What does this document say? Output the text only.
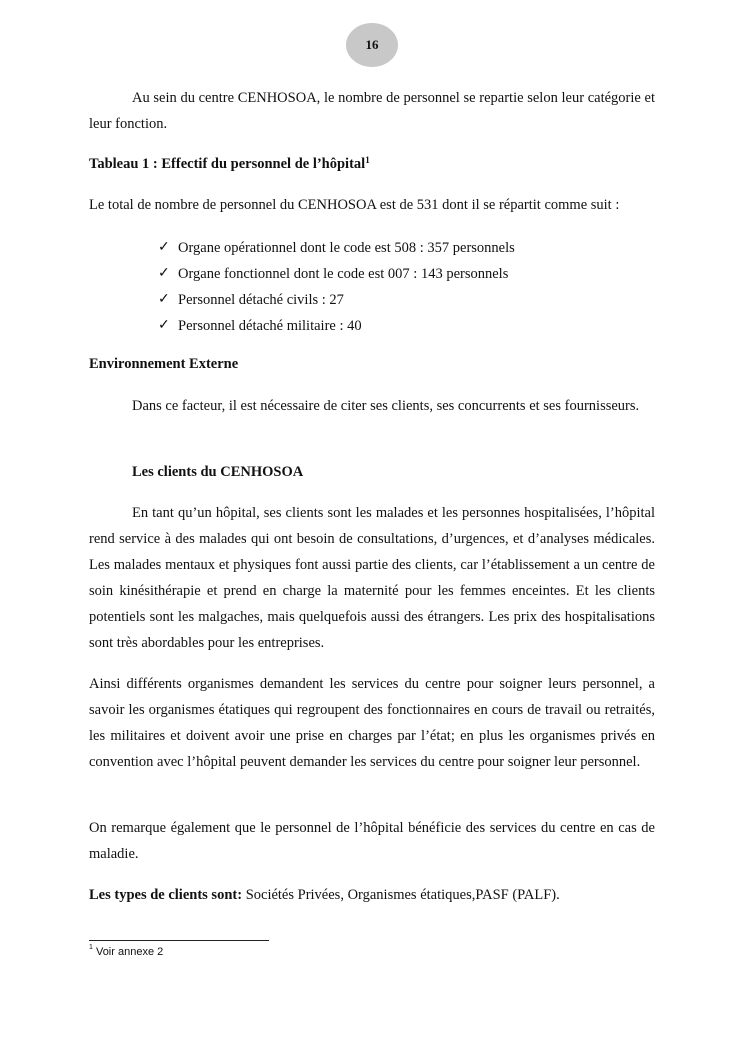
16

Au sein du centre CENHOSOA, le nombre de personnel se repartie selon leur catégorie et leur fonction.

Tableau 1 : Effectif du personnel de l’hôpital$^1$

Le total de nombre de personnel du CENHOSOA est de 531 dont il se répartit comme suit :

✓ Organe opérationnel dont le code est 508 : 357 personnels
✓ Organe fonctionnel dont le code est 007 : 143 personnels
✓ Personnel détaché civils : 27
✓ Personnel détaché militaire : 40

Environnement Externe

Dans ce facteur, il est nécessaire de citer ses clients, ses concurrents et ses fournisseurs.

Les clients du CENHOSOA

En tant qu’un hôpital, ses clients sont les malades et les personnes hospitalisées, l’hôpital rend service à des malades qui ont besoin de consultations, d’urgences, et d’analyses médicales. Les malades mentaux et physiques font aussi partie des clients, car l’établissement a un centre de soin kinésithérapie et prend en charge la maternité pour les femmes enceintes. Et les clients potentiels sont les malgaches, mais quelquefois aussi des étrangers. Les prix des hospitalisations sont très abordables pour les entreprises.

Ainsi différents organismes demandent les services du centre pour soigner leurs personnel, a savoir les organismes étatiques qui regroupent des fonctionnaires en cours de travail ou retraités, les militaires et doivent avoir une prise en charges par l’état; en plus les organismes privés en convention avec l’hôpital peuvent demander les services du centre pour soigner leur personnel.

On remarque également que le personnel de l’hôpital bénéficie des services du centre en cas de maladie.

Les types de clients sont: Sociétés Privées, Organismes étatiques,PASF (PALF).

$^1$ Voir annexe 2
